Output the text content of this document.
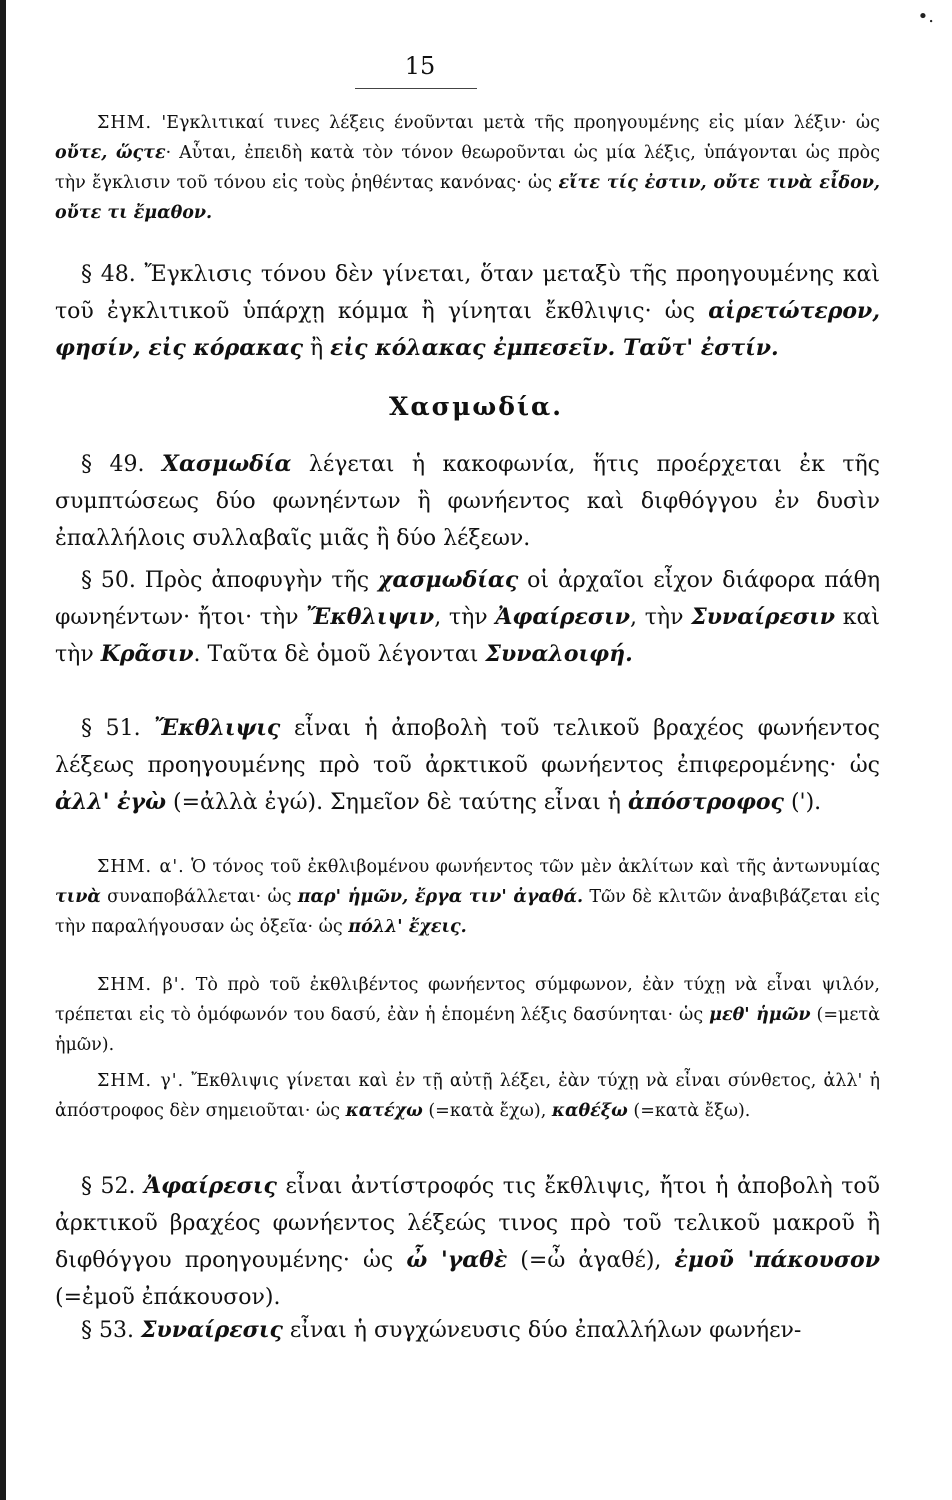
•.
15
ΣΗΜ. 'Εγκλιτικαί τινες λέξεις ένοῦνται μετὰ τῆς προηγουμένης εἰς μίαν λέξιν· ὡς οὔτε, ὥςτε· Αὗται, ἐπειδὴ κατὰ τὸν τόνον θεωροῦνται ὡς μία λέξις, ὑπάγονται ὡς πρὸς τὴν ἔγκλισιν τοῦ τόνου εἰς τοὺς ῥηθέντας κανόνας· ὡς εἴτε τίς ἐστιν, οὔτε τινὰ εἶδον, οὔτε τι ἔμαθον.
§ 48. Ἔγκλισις τόνου δὲν γίνεται, ὅταν μεταξὺ τῆς προηγουμένης καὶ τοῦ ἐγκλιτικοῦ ὑπάρχῃ κόμμα ἢ γίνηται ἔκθλιψις· ὡς αἱρετώτερον, φησίν, εἰς κόρακας ἢ εἰς κόλακας ἐμπεσεῖν. Ταῦτ' ἐστίν.
Χασμωδία.
§ 49. Χασμωδία λέγεται ἡ κακοφωνία, ἥτις προέρχεται ἐκ τῆς συμπτώσεως δύο φωνηέντων ἢ φωνήεντος καὶ διφθόγγου ἐν δυσὶν ἐπαλλήλοις συλλαβαῖς μιᾶς ἢ δύο λέξεων.
§ 50. Πρὸς ἀποφυγὴν τῆς χασμωδίας οἱ ἀρχαῖοι εἶχον διάφορα πάθη φωνηέντων· ἤτοι· τὴν Ἔκθλιψιν, τὴν Ἀφαίρεσιν, τὴν Συναίρεσιν καὶ τὴν Κρᾶσιν. Ταῦτα δὲ ὁμοῦ λέγονται Συναλοιφή.
§ 51. Ἔκθλιψις εἶναι ἡ ἀποβολὴ τοῦ τελικοῦ βραχέος φωνήεντος λέξεως προηγουμένης πρὸ τοῦ ἀρκτικοῦ φωνήεντος ἐπιφερομένης· ὡς ἀλλ' ἐγὼ (=ἀλλὰ ἐγώ). Σημεῖον δὲ ταύτης εἶναι ἡ ἀπόστροφος (').
ΣΗΜ. α'. Ὁ τόνος τοῦ ἐκθλιβομένου φωνήεντος τῶν μὲν ἀκλίτων καὶ τῆς ἀντωνυμίας τινὰ συναποβάλλεται· ὡς παρ' ἡμῶν, ἔργα τιν' ἀγαθά. Τῶν δὲ κλιτῶν ἀναβιβάζεται εἰς τὴν παραλήγουσαν ὡς ὀξεῖα· ὡς πόλλ' ἔχεις.
ΣΗΜ. β'. Τὸ πρὸ τοῦ ἐκθλιβέντος φωνήεντος σύμφωνον, ἐὰν τύχῃ νὰ εἶναι ψιλόν, τρέπεται εἰς τὸ ὁμόφωνόν του δασύ, ἐὰν ἡ ἑπομένη λέξις δασύνηται· ὡς μεθ' ἡμῶν (=μετὰ ἡμῶν).
ΣΗΜ. γ'. Ἔκθλιψις γίνεται καὶ ἐν τῇ αὐτῇ λέξει, ἐὰν τύχῃ νὰ εἶναι σύνθετος, ἀλλ' ἡ ἀπόστροφος δὲν σημειοῦται· ὡς κατέχω (=κατὰ ἔχω), καθέξω (=κατὰ ἔξω).
§ 52. Ἀφαίρεσις εἶναι ἀντίστροφός τις ἔκθλιψις, ἤτοι ἡ ἀποβολὴ τοῦ ἀρκτικοῦ βραχέος φωνήεντος λέξεώς τινος πρὸ τοῦ τελικοῦ μακροῦ ἢ διφθόγγου προηγουμένης· ὡς ὦ 'γαθὲ (=ὦ ἀγαθέ), ἐμοῦ 'πάκουσον (=ἐμοῦ ἐπάκουσον).
§ 53. Συναίρεσις εἶναι ἡ συγχώνευσις δύο ἐπαλλήλων φωνήεν-
